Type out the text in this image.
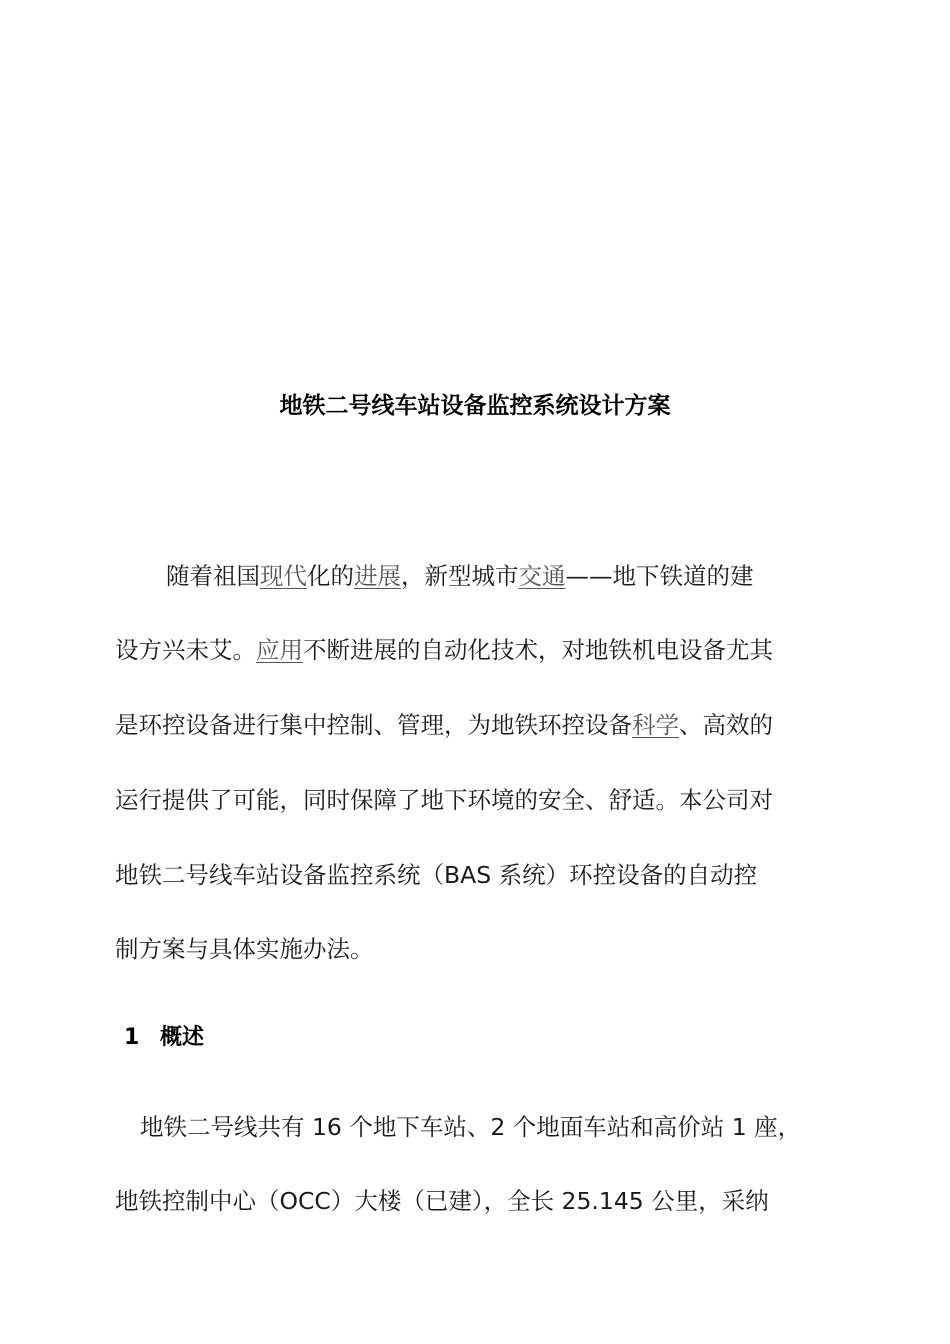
地铁二号线车站设备监控系统设计方案

随着祖国现代化的进展，新型城市交通——地下铁道的建

设方兴未艾。应用不断进展的自动化技术，对地铁机电设备尤其

是环控设备进行集中控制、管理，为地铁环控设备科学、高效的

运行提供了可能，同时保障了地下环境的安全、舒适。本公司对

地铁二号线车站设备监控系统（BAS 系统）环控设备的自动控

制方案与具体实施办法。

1 概述

地铁二号线共有 16 个地下车站、2 个地面车站和高价站 1 座，

地铁控制中心（OCC）大楼（已建），全长 25.145 公里，采纳
